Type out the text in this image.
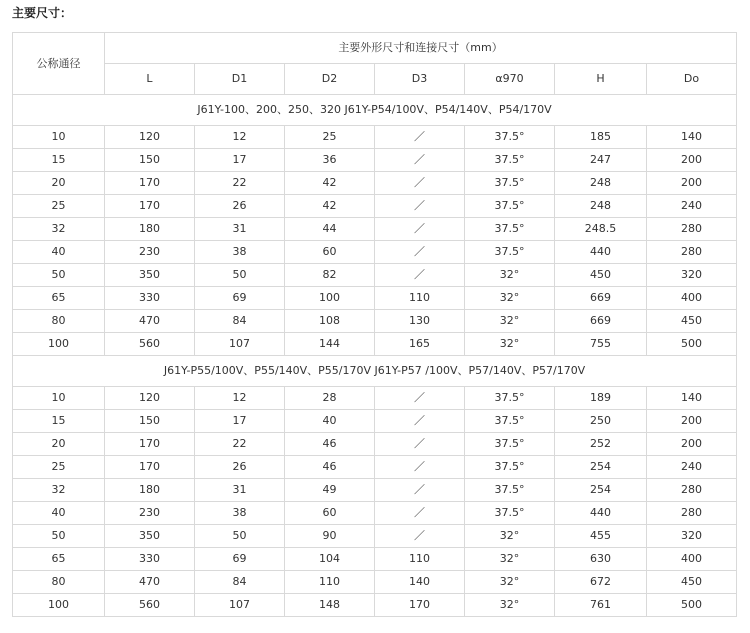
主要尺寸：
公称通径	主要外形尺寸和连接尺寸（mm）						
	L	D1	D2	D3	α970	H	Do
J61Y-100、200、250、320 J61Y-P54/100V、P54/140V、P54/170V							
10	120	12	25	／	37.5°	185	140
15	150	17	36	／	37.5°	247	200
20	170	22	42	／	37.5°	248	200
25	170	26	42	／	37.5°	248	240
32	180	31	44	／	37.5°	248.5	280
40	230	38	60	／	37.5°	440	280
50	350	50	82	／	32°	450	320
65	330	69	100	110	32°	669	400
80	470	84	108	130	32°	669	450
100	560	107	144	165	32°	755	500
J61Y-P55/100V、P55/140V、P55/170V J61Y-P57 /100V、P57/140V、P57/170V							
10	120	12	28	／	37.5°	189	140
15	150	17	40	／	37.5°	250	200
20	170	22	46	／	37.5°	252	200
25	170	26	46	／	37.5°	254	240
32	180	31	49	／	37.5°	254	280
40	230	38	60	／	37.5°	440	280
50	350	50	90	／	32°	455	320
65	330	69	104	110	32°	630	400
80	470	84	110	140	32°	672	450
100	560	107	148	170	32°	761	500
